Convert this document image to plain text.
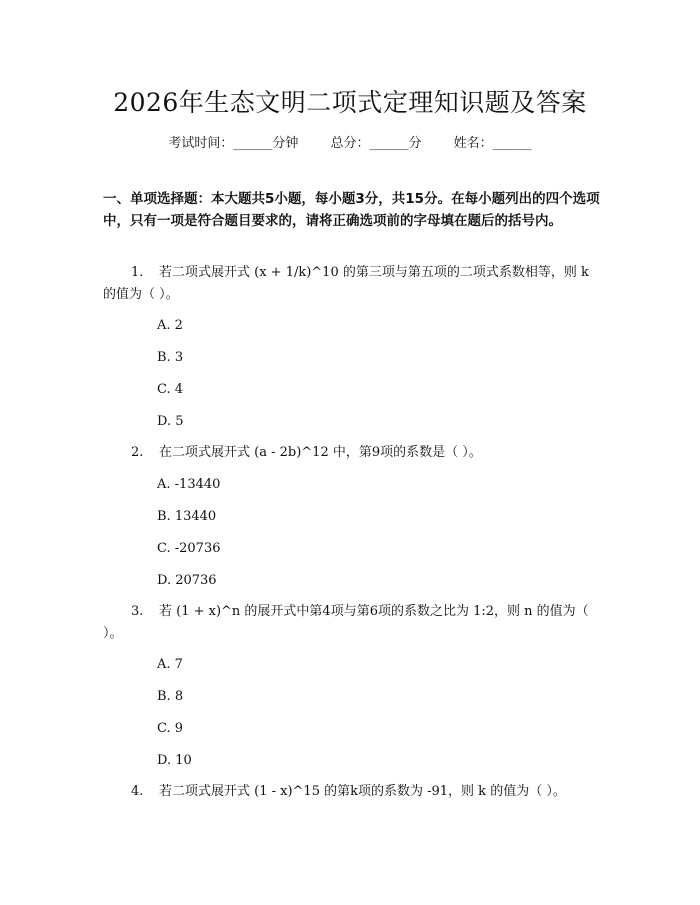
2026年生态文明二项式定理知识题及答案
考试时间：______分钟 总分：______分 姓名：______
一、单项选择题：本大题共5小题，每小题3分，共15分。在每小题列出的四个选项中，只有一项是符合题目要求的，请将正确选项前的字母填在题后的括号内。
1. 若二项式展开式 (x + 1/k)^10 的第三项与第五项的二项式系数相等，则 k 的值为（ ）。
A. 2
B. 3
C. 4
D. 5
2. 在二项式展开式 (a - 2b)^12 中，第9项的系数是（ ）。
A. -13440
B. 13440
C. -20736
D. 20736
3. 若 (1 + x)^n 的展开式中第4项与第6项的系数之比为 1:2，则 n 的值为（ ）。
A. 7
B. 8
C. 9
D. 10
4. 若二项式展开式 (1 - x)^15 的第k项的系数为 -91，则 k 的值为（ ）。
